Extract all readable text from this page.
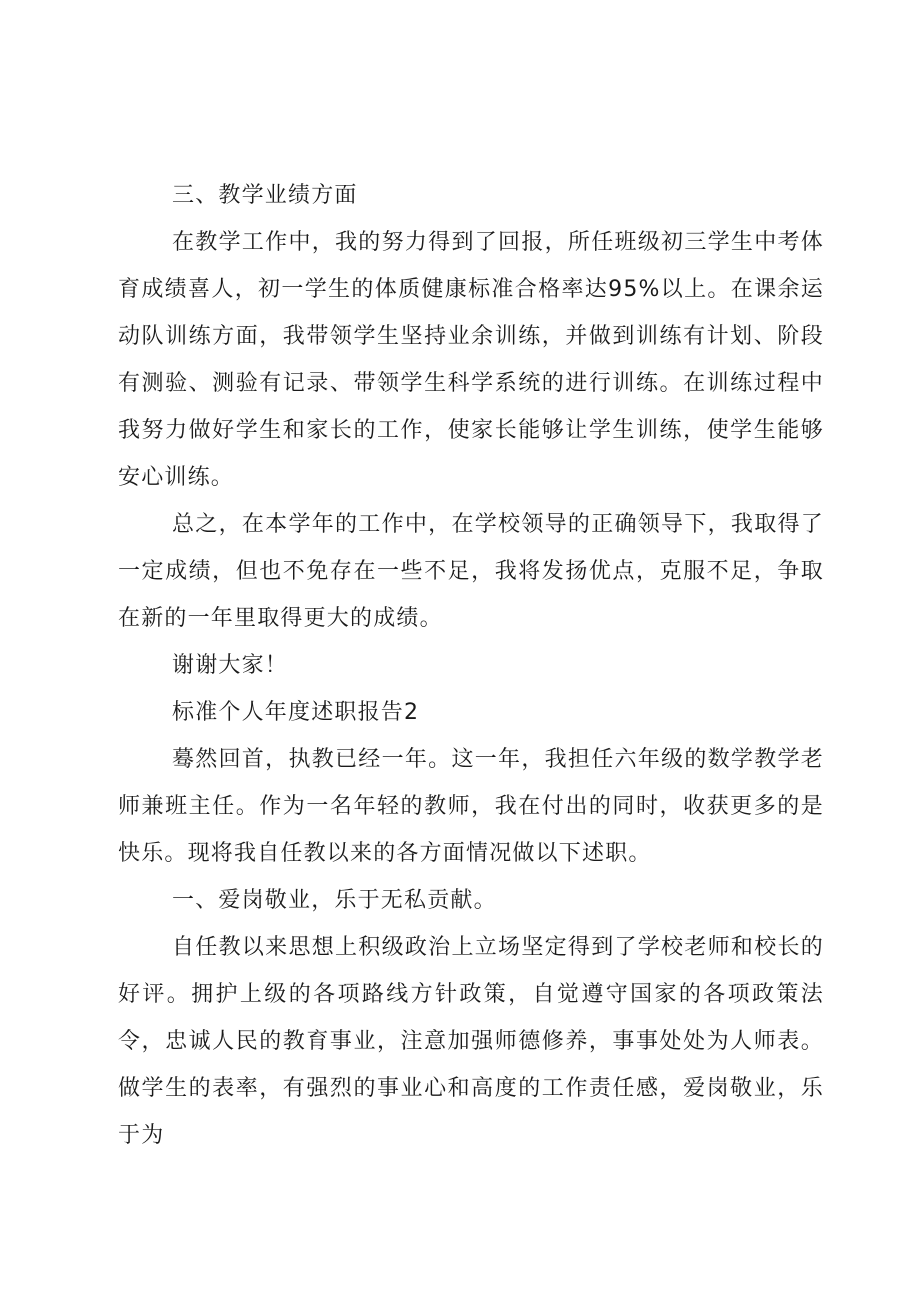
三、教学业绩方面

在教学工作中，我的努力得到了回报，所任班级初三学生中考体育成绩喜人，初一学生的体质健康标准合格率达95%以上。在课余运动队训练方面，我带领学生坚持业余训练，并做到训练有计划、阶段有测验、测验有记录、带领学生科学系统的进行训练。在训练过程中我努力做好学生和家长的工作，使家长能够让学生训练，使学生能够安心训练。

总之，在本学年的工作中，在学校领导的正确领导下，我取得了一定成绩，但也不免存在一些不足，我将发扬优点，克服不足，争取在新的一年里取得更大的成绩。

谢谢大家！

标准个人年度述职报告2

蓦然回首，执教已经一年。这一年，我担任六年级的数学教学老师兼班主任。作为一名年轻的教师，我在付出的同时，收获更多的是快乐。现将我自任教以来的各方面情况做以下述职。

一、爱岗敬业，乐于无私贡献。

自任教以来思想上积级政治上立场坚定得到了学校老师和校长的好评。拥护上级的各项路线方针政策，自觉遵守国家的各项政策法令，忠诚人民的教育事业，注意加强师德修养，事事处处为人师表。做学生的表率，有强烈的事业心和高度的工作责任感，爱岗敬业，乐于为
